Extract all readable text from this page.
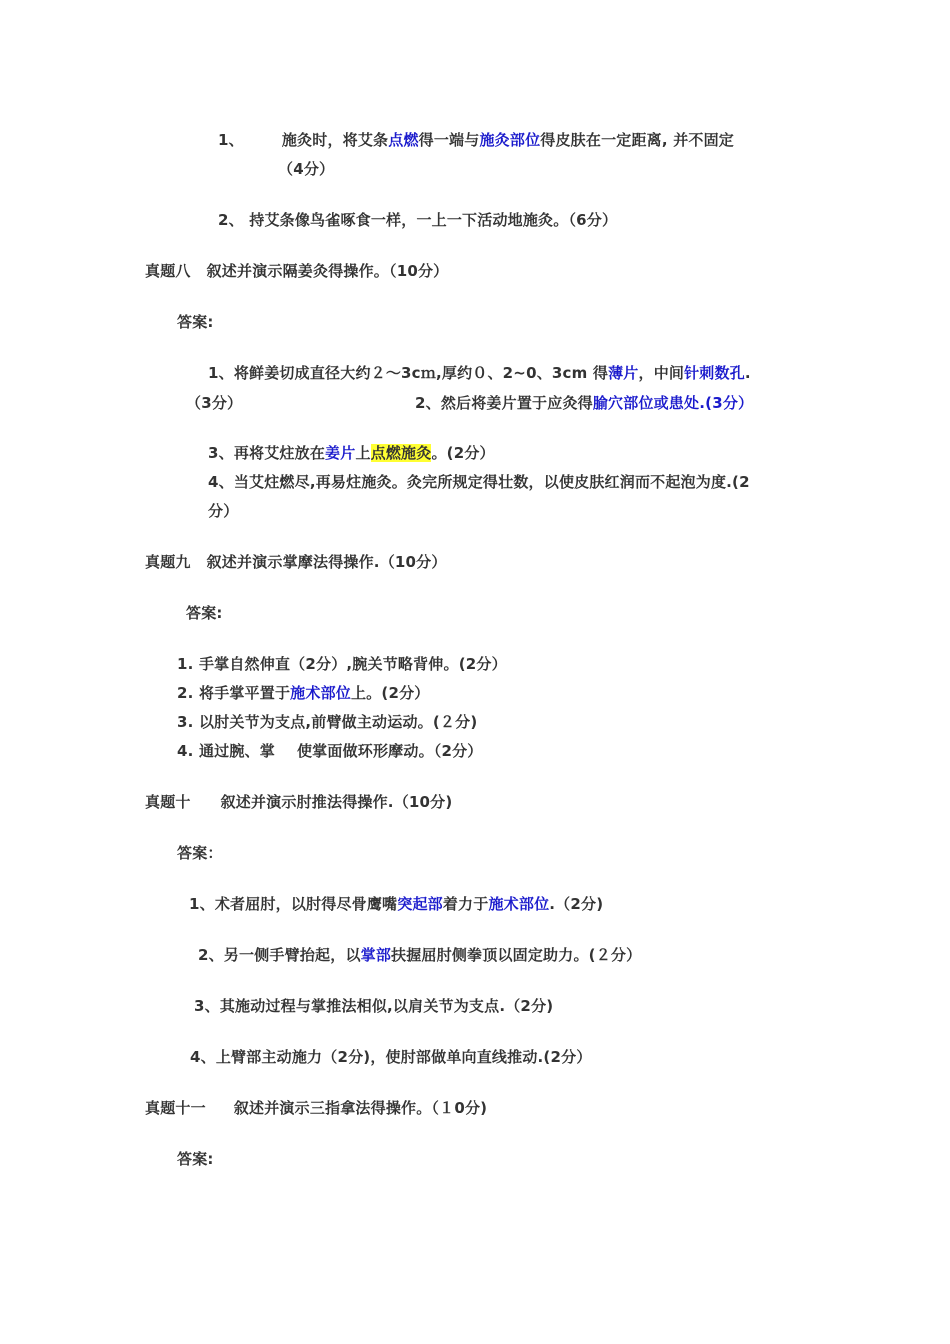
1、	施灸时，将艾条点燃得一端与施灸部位得皮肤在一定距离, 并不固定
（4分）
2、 持艾条像鸟雀啄食一样，一上一下活动地施灸。（6分）
真题八 叙述并演示隔姜灸得操作。（10分）
答案:
1、将鲜姜切成直径大约２～3cｍ,厚约０、2~0、3cm 得薄片，中间针刺数孔.
（3分）	2、然后将姜片置于应灸得腧穴部位或患处.(3分）
3、再将艾炷放在姜片上点燃施灸。(2分）
4、当艾炷燃尽,再易炷施灸。灸完所规定得壮数，以使皮肤红润而不起泡为度.(2
分）
真题九 叙述并演示掌摩法得操作.（10分）
答案:
1. 手掌自然伸直（2分）,腕关节略背伸。(2分）
2. 将手掌平置于施术部位上。(2分）
3. 以肘关节为支点,前臂做主动运动。(２分)
4. 通过腕、掌 使掌面做环形摩动。（2分）
真题十 叙述并演示肘推法得操作.（10分)
答案：
1、术者屈肘，以肘得尽骨鹰嘴突起部着力于施术部位.（2分)
2、另一侧手臂抬起，以掌部扶握屈肘侧拳顶以固定助力。(２分）
3、其施动过程与掌推法相似,以肩关节为支点.（2分)
4、上臂部主动施力（2分)，使肘部做单向直线推动.(2分）
真题十一 叙述并演示三指拿法得操作。（１0分)
答案:
